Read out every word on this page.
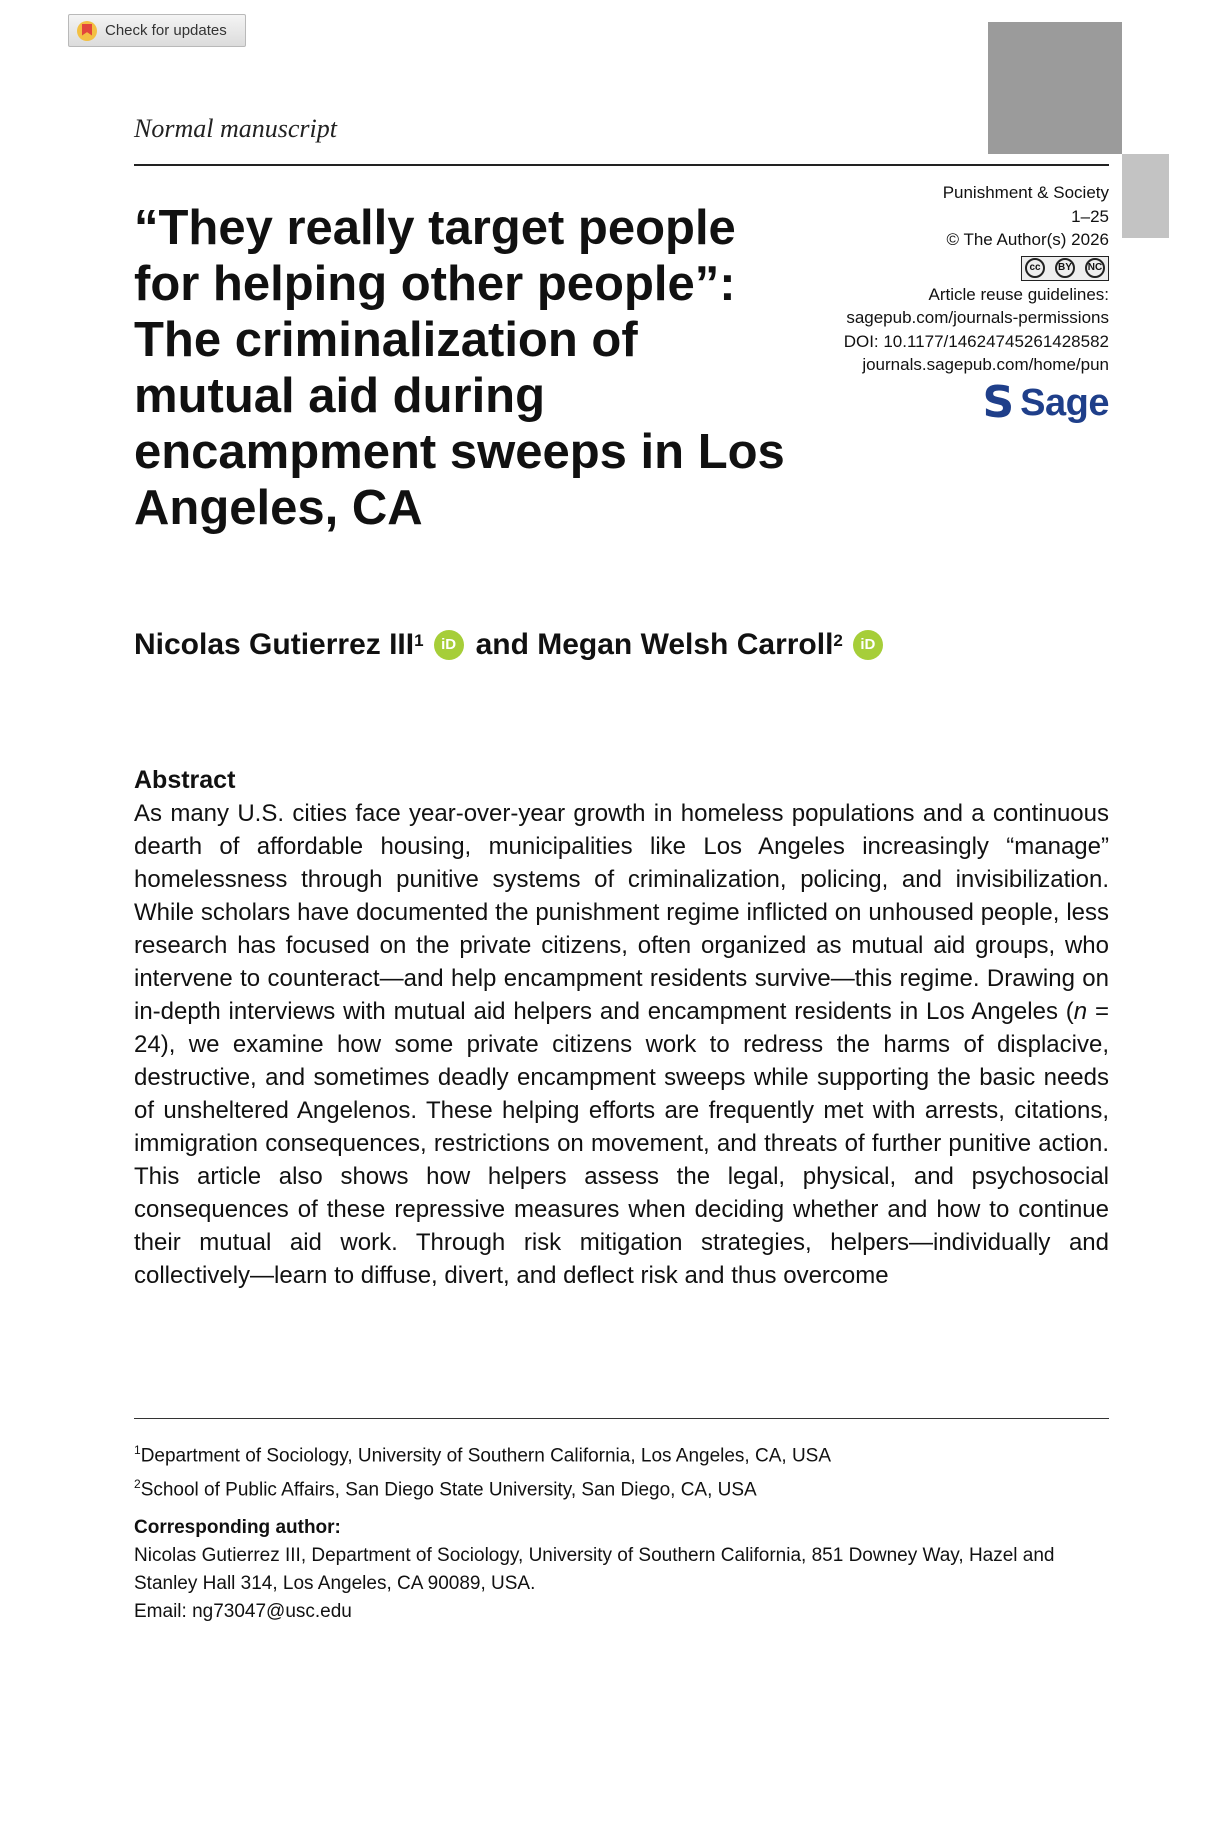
Check for updates
Normal manuscript
Punishment & Society
1–25
© The Author(s) 2026
cc	BY	NC
Article reuse guidelines:
sagepub.com/journals-permissions
DOI: 10.1177/14624745261428582
journals.sagepub.com/home/pun
S Sage
“They really target people
for helping other people”:
The criminalization of
mutual aid during
encampment sweeps in Los
Angeles, CA
Nicolas Gutierrez III$^1$	iD and Megan Welsh Carroll$^2$	iD
Abstract

As many U.S. cities face year-over-year growth in homeless populations and a continuous dearth of affordable housing, municipalities like Los Angeles increasingly “manage” homelessness through punitive systems of criminalization, policing, and invisibilization. While scholars have documented the punishment regime inflicted on unhoused people, less research has focused on the private citizens, often organized as mutual aid groups, who intervene to counteract—and help encampment residents survive—this regime. Drawing on in-depth interviews with mutual aid helpers and encampment residents in Los Angeles (n = 24), we examine how some private citizens work to redress the harms of displacive, destructive, and sometimes deadly encampment sweeps while supporting the basic needs of unsheltered Angelenos. These helping efforts are frequently met with arrests, citations, immigration consequences, restrictions on movement, and threats of further punitive action. This article also shows how helpers assess the legal, physical, and psychosocial consequences of these repressive measures when deciding whether and how to continue their mutual aid work. Through risk mitigation strategies, helpers—individually and collectively—learn to diffuse, divert, and deflect risk and thus overcome

$^1$Department of Sociology, University of Southern California, Los Angeles, CA, USA
$^2$School of Public Affairs, San Diego State University, San Diego, CA, USA
Corresponding author:
Nicolas Gutierrez III, Department of Sociology, University of Southern California, 851 Downey Way, Hazel and Stanley Hall 314, Los Angeles, CA 90089, USA.
Email: ng73047@usc.edu
